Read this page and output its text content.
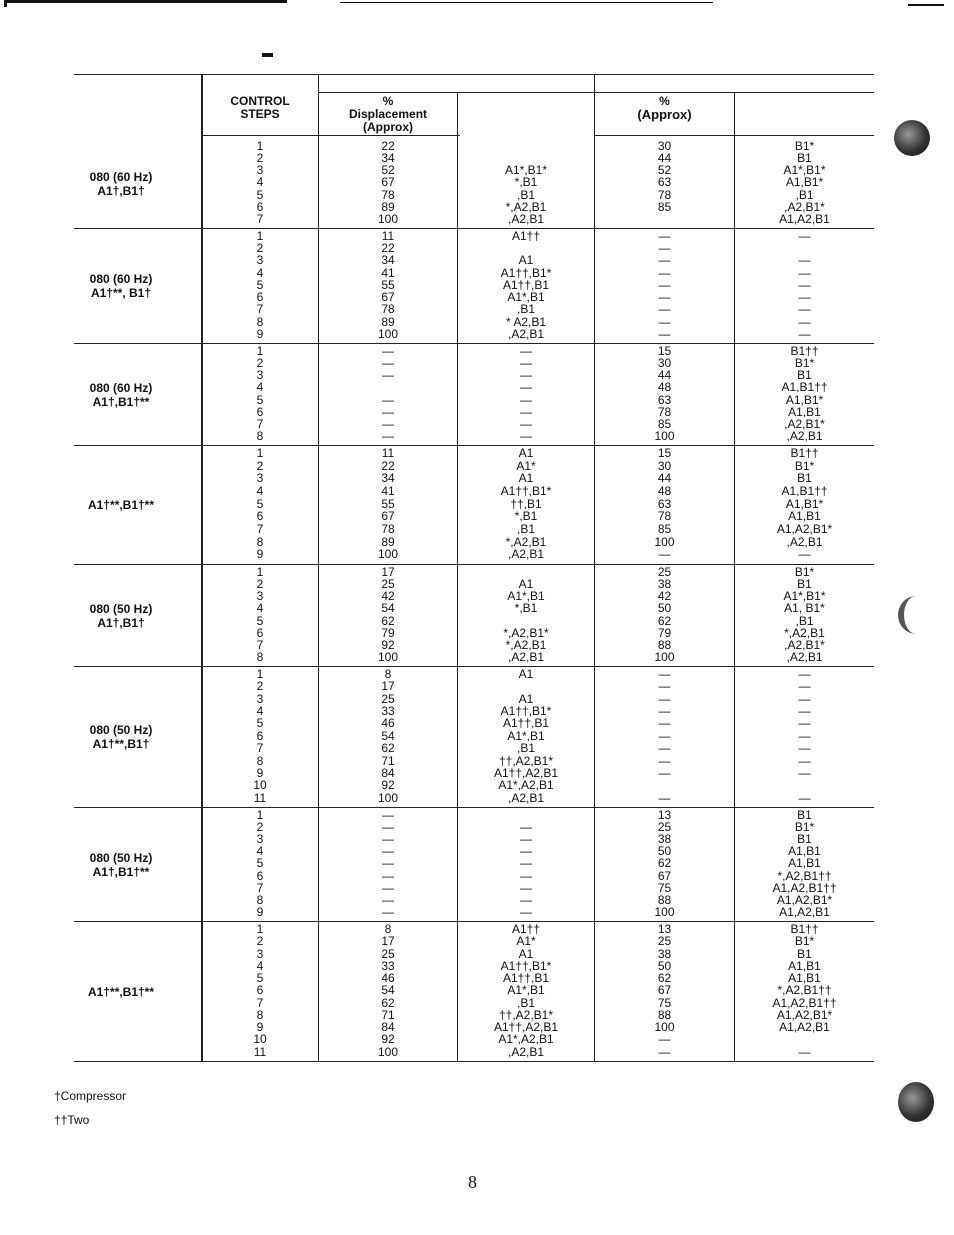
CONTROL
STEPS
%
Displacement
(Approx)
%
(Approx)
080 (60 Hz)
A1†,B1†
1
2
3
4
5
6
7
22
34
52
67
78
89
100
A1*,B1*
*,B1
,B1
*,A2,B1
,A2,B1
30
44
52
63
78
85
B1*
B1
A1*,B1*
A1,B1*
,B1
,A2,B1*
A1,A2,B1
080 (60 Hz)
A1†**, B1†
1
2
3
4
5
6
7
8
9
11
22
34
41
55
67
78
89
100
A1††
A1
A1††,B1*
A1††,B1
A1*,B1
,B1
* A2,B1
,A2,B1
—
—
—
—
—
—
—
—
—
—
—
—
—
—
—
—
—
080 (60 Hz)
A1†,B1†**
1
2
3
4
5
6
7
8
—
—
—
—
—
—
—
—
—
—
—
—
—
—
—
15
30
44
48
63
78
85
100
B1††
B1*
B1
A1,B1††
A1,B1*
A1,B1
,A2,B1*
,A2,B1
A1†**,B1†**
1
2
3
4
5
6
7
8
9
11
22
34
41
55
67
78
89
100
A1
A1*
A1
A1††,B1*
††,B1
*,B1
,B1
*,A2,B1
,A2,B1
15
30
44
48
63
78
85
100
—
B1††
B1*
B1
A1,B1††
A1,B1*
A1,B1
A1,A2,B1*
,A2,B1
—
080 (50 Hz)
A1†,B1†
1
2
3
4
5
6
7
8
17
25
42
54
62
79
92
100
A1
A1*,B1
*,B1
*,A2,B1*
*,A2,B1
,A2,B1
25
38
42
50
62
79
88
100
B1*
B1
A1*,B1*
A1, B1*
,B1
*,A2,B1
,A2,B1*
,A2,B1
080 (50 Hz)
A1†**,B1†
1
2
3
4
5
6
7
8
9
10
11
8
17
25
33
46
54
62
71
84
92
100
A1
A1
A1††,B1*
A1††,B1
A1*,B1
,B1
††,A2,B1*
A1††,A2,B1
A1*,A2,B1
,A2,B1
—
—
—
—
—
—
—
—
—
—
—
—
—
—
—
—
—
—
—
—
080 (50 Hz)
A1†,B1†**
1
2
3
4
5
6
7
8
9
—
—
—
—
—
—
—
—
—
—
—
—
—
—
—
—
—
13
25
38
50
62
67
75
88
100
B1
B1*
B1
A1,B1
A1,B1
*,A2,B1††
A1,A2,B1††
A1,A2,B1*
A1,A2,B1
A1†**,B1†**
1
2
3
4
5
6
7
8
9
10
11
8
17
25
33
46
54
62
71
84
92
100
A1††
A1*
A1
A1††,B1*
A1††,B1
A1*,B1
,B1
††,A2,B1*
A1††,A2,B1
A1*,A2,B1
,A2,B1
13
25
38
50
62
67
75
88
100
—
—
B1††
B1*
B1
A1,B1
A1,B1
*,A2,B1††
A1,A2,B1††
A1,A2,B1*
A1,A2,B1
—
†Compressor
††Two
8
